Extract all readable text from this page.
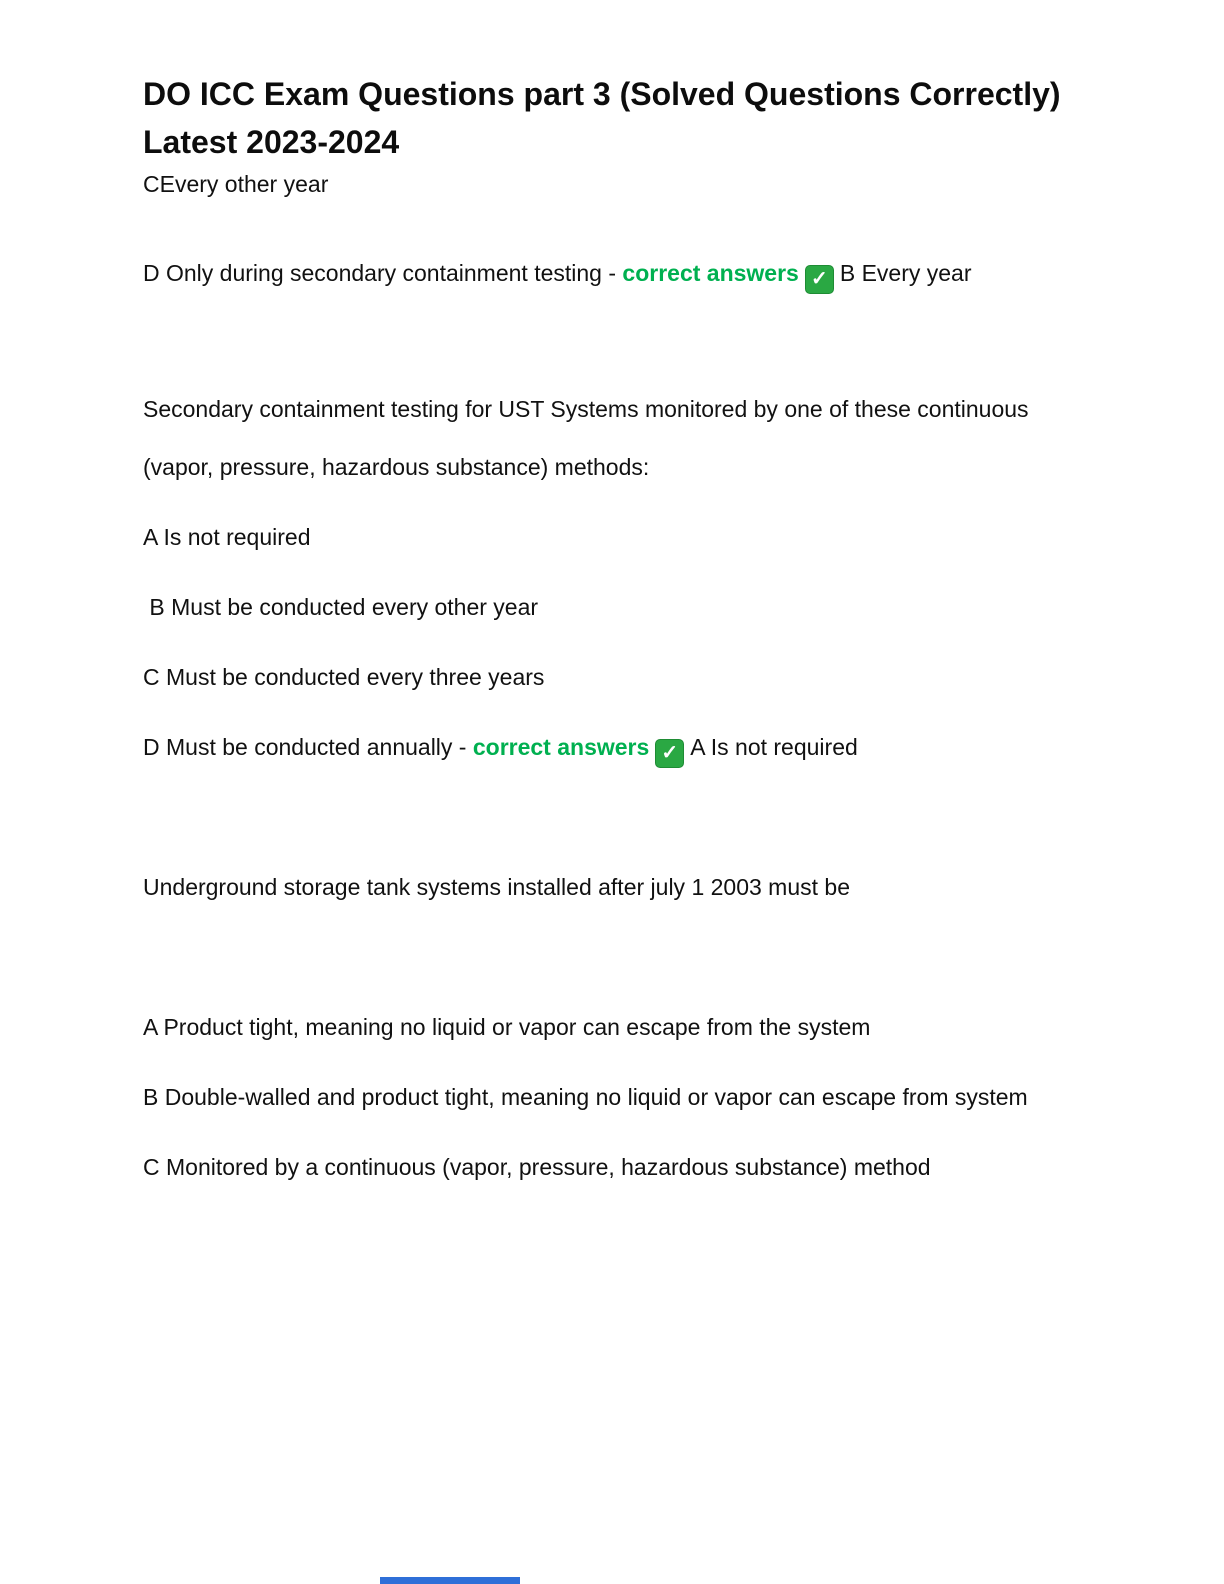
DO ICC Exam Questions part 3 (Solved Questions Correctly) Latest 2023-2024

CEvery other year

D Only during secondary containment testing - correct answers ✓ B Every year

Secondary containment testing for UST Systems monitored by one of these continuous (vapor, pressure, hazardous substance) methods:

A Is not required

B Must be conducted every other year

C Must be conducted every three years

D Must be conducted annually - correct answers ✓ A Is not required

Underground storage tank systems installed after july 1 2003 must be

A Product tight, meaning no liquid or vapor can escape from the system

B Double-walled and product tight, meaning no liquid or vapor can escape from system

C Monitored by a continuous (vapor, pressure, hazardous substance) method
